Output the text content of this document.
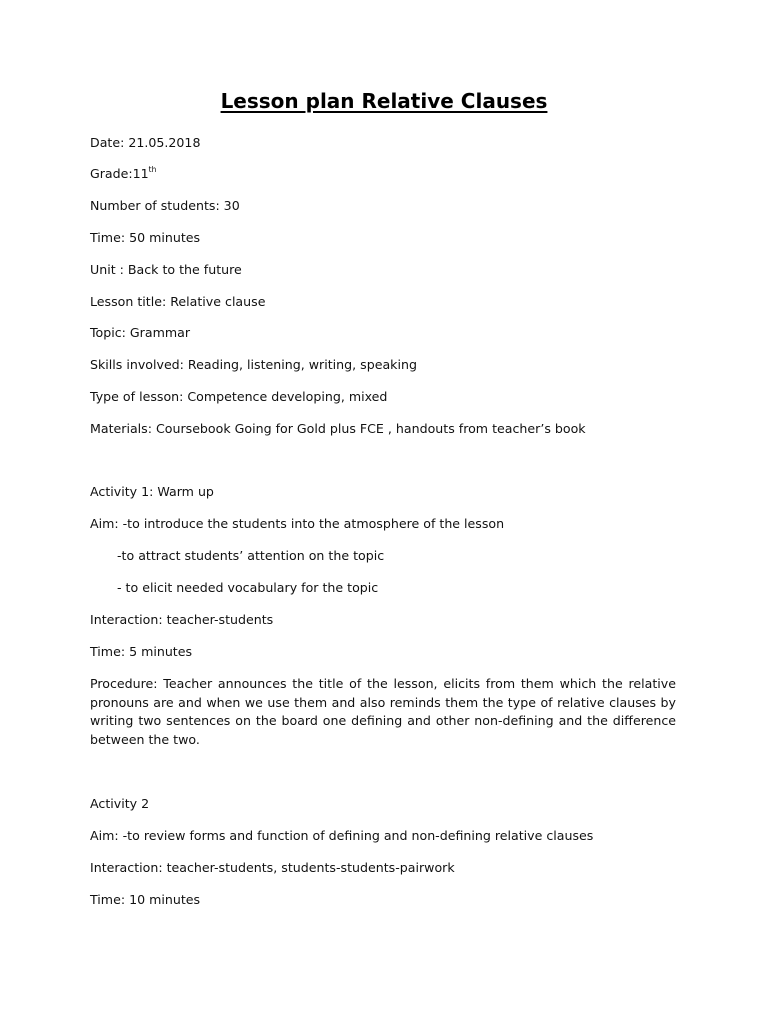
Lesson plan Relative Clauses
Date: 21.05.2018
Grade:11th
Number of students: 30
Time: 50 minutes
Unit : Back to the future
Lesson title: Relative clause
Topic: Grammar
Skills involved: Reading, listening, writing, speaking
Type of lesson: Competence developing, mixed
Materials: Coursebook Going for Gold plus FCE , handouts from teacher’s book
Activity 1: Warm up
Aim: -to introduce the students into the atmosphere of the lesson
-to attract students’ attention on the topic
- to elicit needed vocabulary for the topic
Interaction: teacher-students
Time: 5 minutes
Procedure: Teacher announces the title of the lesson, elicits from them which the relative
pronouns are and when we use them and also reminds them the type of relative clauses by
writing two sentences on the board one defining and other non-defining and the difference
between the two.
Activity 2
Aim: -to review forms and function of defining and non-defining relative clauses
Interaction: teacher-students, students-students-pairwork
Time: 10 minutes
